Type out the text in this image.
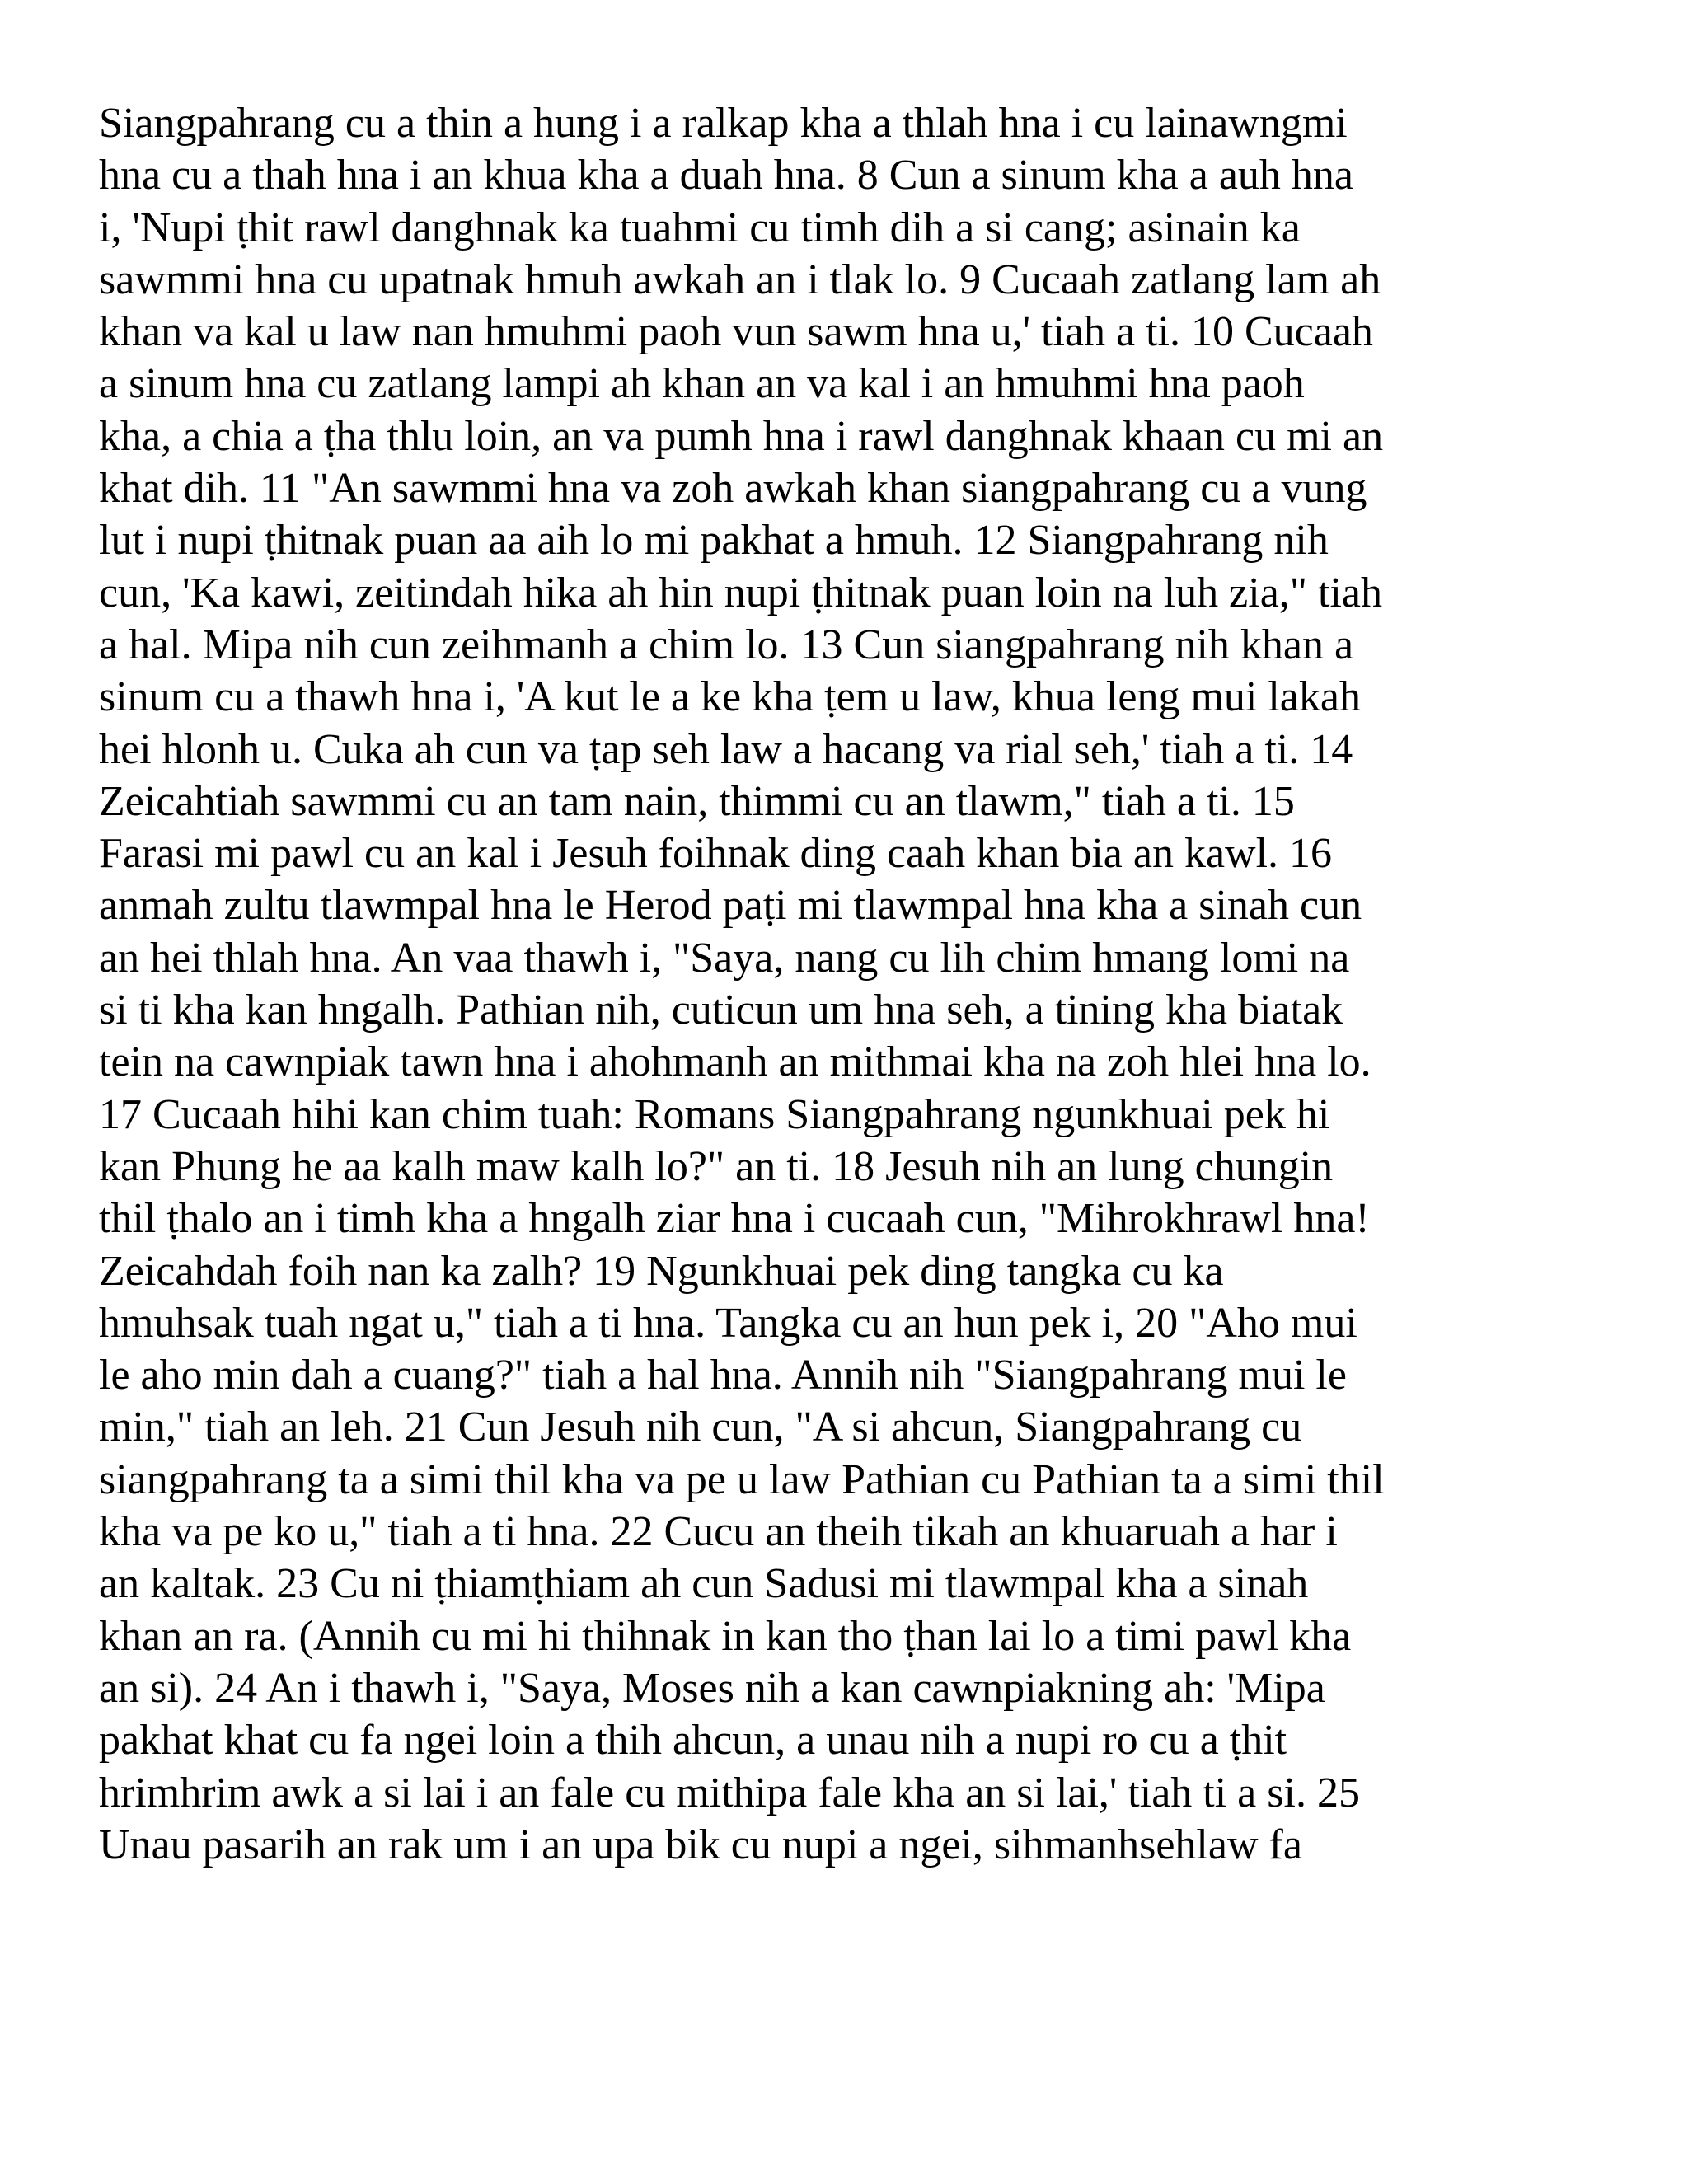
Siangpahrang cu a thin a hung i a ralkap kha a thlah hna i cu lainawngmi
hna cu a thah hna i an khua kha a duah hna. 8 Cun a sinum kha a auh hna
i, 'Nupi ṭhit rawl danghnak ka tuahmi cu timh dih a si cang; asinain ka
sawmmi hna cu upatnak hmuh awkah an i tlak lo. 9 Cucaah zatlang lam ah
khan va kal u law nan hmuhmi paoh vun sawm hna u,' tiah a ti. 10 Cucaah
a sinum hna cu zatlang lampi ah khan an va kal i an hmuhmi hna paoh
kha, a chia a ṭha thlu loin, an va pumh hna i rawl danghnak khaan cu mi an
khat dih. 11 "An sawmmi hna va zoh awkah khan siangpahrang cu a vung
lut i nupi ṭhitnak puan aa aih lo mi pakhat a hmuh. 12 Siangpahrang nih
cun, 'Ka kawi, zeitindah hika ah hin nupi ṭhitnak puan loin na luh zia," tiah
a hal. Mipa nih cun zeihmanh a chim lo. 13 Cun siangpahrang nih khan a
sinum cu a thawh hna i, 'A kut le a ke kha ṭem u law, khua leng mui lakah
hei hlonh u. Cuka ah cun va ṭap seh law a hacang va rial seh,' tiah a ti. 14
Zeicahtiah sawmmi cu an tam nain, thimmi cu an tlawm," tiah a ti. 15
Farasi mi pawl cu an kal i Jesuh foihnak ding caah khan bia an kawl. 16
anmah zultu tlawmpal hna le Herod paṭi mi tlawmpal hna kha a sinah cun
an hei thlah hna. An vaa thawh i, "Saya, nang cu lih chim hmang lomi na
si ti kha kan hngalh. Pathian nih, cuticun um hna seh, a tining kha biatak
tein na cawnpiak tawn hna i ahohmanh an mithmai kha na zoh hlei hna lo.
17 Cucaah hihi kan chim tuah: Romans Siangpahrang ngunkhuai pek hi
kan Phung he aa kalh maw kalh lo?" an ti. 18 Jesuh nih an lung chungin
thil ṭhalo an i timh kha a hngalh ziar hna i cucaah cun, "Mihrokhrawl hna!
Zeicahdah foih nan ka zalh? 19 Ngunkhuai pek ding tangka cu ka
hmuhsak tuah ngat u," tiah a ti hna. Tangka cu an hun pek i, 20 "Aho mui
le aho min dah a cuang?" tiah a hal hna. Annih nih "Siangpahrang mui le
min," tiah an leh. 21 Cun Jesuh nih cun, "A si ahcun, Siangpahrang cu
siangpahrang ta a simi thil kha va pe u law Pathian cu Pathian ta a simi thil
kha va pe ko u," tiah a ti hna. 22 Cucu an theih tikah an khuaruah a har i
an kaltak. 23 Cu ni ṭhiamṭhiam ah cun Sadusi mi tlawmpal kha a sinah
khan an ra. (Annih cu mi hi thihnak in kan tho ṭhan lai lo a timi pawl kha
an si). 24 An i thawh i, "Saya, Moses nih a kan cawnpiakning ah: 'Mipa
pakhat khat cu fa ngei loin a thih ahcun, a unau nih a nupi ro cu a ṭhit
hrimhrim awk a si lai i an fale cu mithipa fale kha an si lai,' tiah ti a si. 25
Unau pasarih an rak um i an upa bik cu nupi a ngei, sihmanhsehlaw fa
